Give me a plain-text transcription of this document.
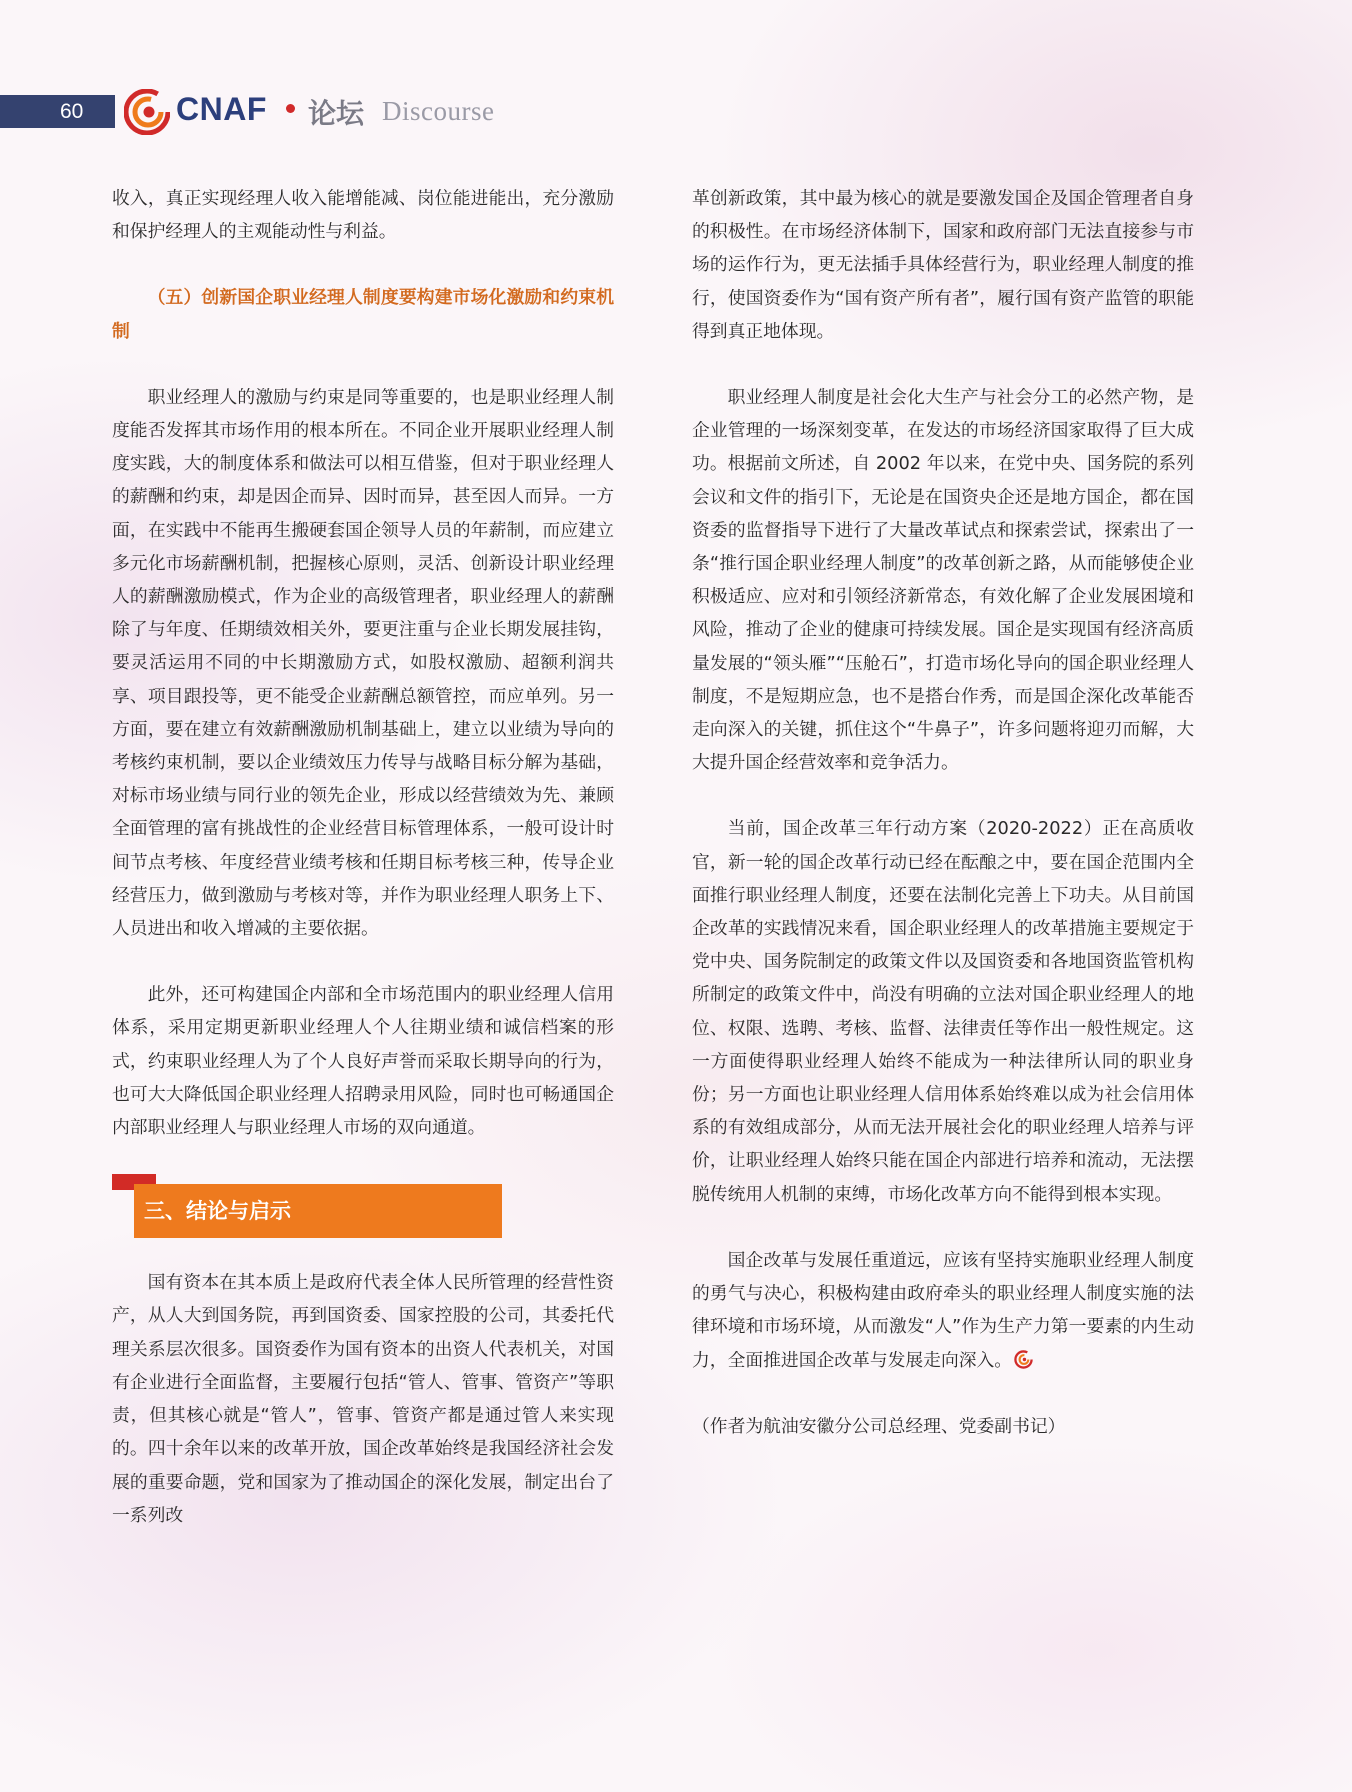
60	CNAF 论坛 Discourse

收入，真正实现经理人收入能增能减、岗位能进能出，充分激励和保护经理人的主观能动性与利益。

（五）创新国企职业经理人制度要构建市场化激励和约束机制

职业经理人的激励与约束是同等重要的，也是职业经理人制度能否发挥其市场作用的根本所在。不同企业开展职业经理人制度实践，大的制度体系和做法可以相互借鉴，但对于职业经理人的薪酬和约束，却是因企而异、因时而异，甚至因人而异。一方面，在实践中不能再生搬硬套国企领导人员的年薪制，而应建立多元化市场薪酬机制，把握核心原则，灵活、创新设计职业经理人的薪酬激励模式，作为企业的高级管理者，职业经理人的薪酬除了与年度、任期绩效相关外，要更注重与企业长期发展挂钩，要灵活运用不同的中长期激励方式，如股权激励、超额利润共享、项目跟投等，更不能受企业薪酬总额管控，而应单列。另一方面，要在建立有效薪酬激励机制基础上，建立以业绩为导向的考核约束机制，要以企业绩效压力传导与战略目标分解为基础，对标市场业绩与同行业的领先企业，形成以经营绩效为先、兼顾全面管理的富有挑战性的企业经营目标管理体系，一般可设计时间节点考核、年度经营业绩考核和任期目标考核三种，传导企业经营压力，做到激励与考核对等，并作为职业经理人职务上下、人员进出和收入增减的主要依据。

此外，还可构建国企内部和全市场范围内的职业经理人信用体系，采用定期更新职业经理人个人往期业绩和诚信档案的形式，约束职业经理人为了个人良好声誉而采取长期导向的行为，也可大大降低国企职业经理人招聘录用风险，同时也可畅通国企内部职业经理人与职业经理人市场的双向通道。

三、结论与启示

国有资本在其本质上是政府代表全体人民所管理的经营性资产，从人大到国务院，再到国资委、国家控股的公司，其委托代理关系层次很多。国资委作为国有资本的出资人代表机关，对国有企业进行全面监督，主要履行包括“管人、管事、管资产”等职责，但其核心就是“管人”，管事、管资产都是通过管人来实现的。四十余年以来的改革开放，国企改革始终是我国经济社会发展的重要命题，党和国家为了推动国企的深化发展，制定出台了一系列改

革创新政策，其中最为核心的就是要激发国企及国企管理者自身的积极性。在市场经济体制下，国家和政府部门无法直接参与市场的运作行为，更无法插手具体经营行为，职业经理人制度的推行，使国资委作为“国有资产所有者”，履行国有资产监管的职能得到真正地体现。

职业经理人制度是社会化大生产与社会分工的必然产物，是企业管理的一场深刻变革，在发达的市场经济国家取得了巨大成功。根据前文所述，自 2002 年以来，在党中央、国务院的系列会议和文件的指引下，无论是在国资央企还是地方国企，都在国资委的监督指导下进行了大量改革试点和探索尝试，探索出了一条“推行国企职业经理人制度”的改革创新之路，从而能够使企业积极适应、应对和引领经济新常态，有效化解了企业发展困境和风险，推动了企业的健康可持续发展。国企是实现国有经济高质量发展的“领头雁”“压舱石”，打造市场化导向的国企职业经理人制度，不是短期应急，也不是搭台作秀，而是国企深化改革能否走向深入的关键，抓住这个“牛鼻子”，许多问题将迎刃而解，大大提升国企经营效率和竞争活力。

当前，国企改革三年行动方案（2020-2022）正在高质收官，新一轮的国企改革行动已经在酝酿之中，要在国企范围内全面推行职业经理人制度，还要在法制化完善上下功夫。从目前国企改革的实践情况来看，国企职业经理人的改革措施主要规定于党中央、国务院制定的政策文件以及国资委和各地国资监管机构所制定的政策文件中，尚没有明确的立法对国企职业经理人的地位、权限、选聘、考核、监督、法律责任等作出一般性规定。这一方面使得职业经理人始终不能成为一种法律所认同的职业身份；另一方面也让职业经理人信用体系始终难以成为社会信用体系的有效组成部分，从而无法开展社会化的职业经理人培养与评价，让职业经理人始终只能在国企内部进行培养和流动，无法摆脱传统用人机制的束缚，市场化改革方向不能得到根本实现。

国企改革与发展任重道远，应该有坚持实施职业经理人制度的勇气与决心，积极构建由政府牵头的职业经理人制度实施的法律环境和市场环境，从而激发“人”作为生产力第一要素的内生动力，全面推进国企改革与发展走向深入。

（作者为航油安徽分公司总经理、党委副书记）
